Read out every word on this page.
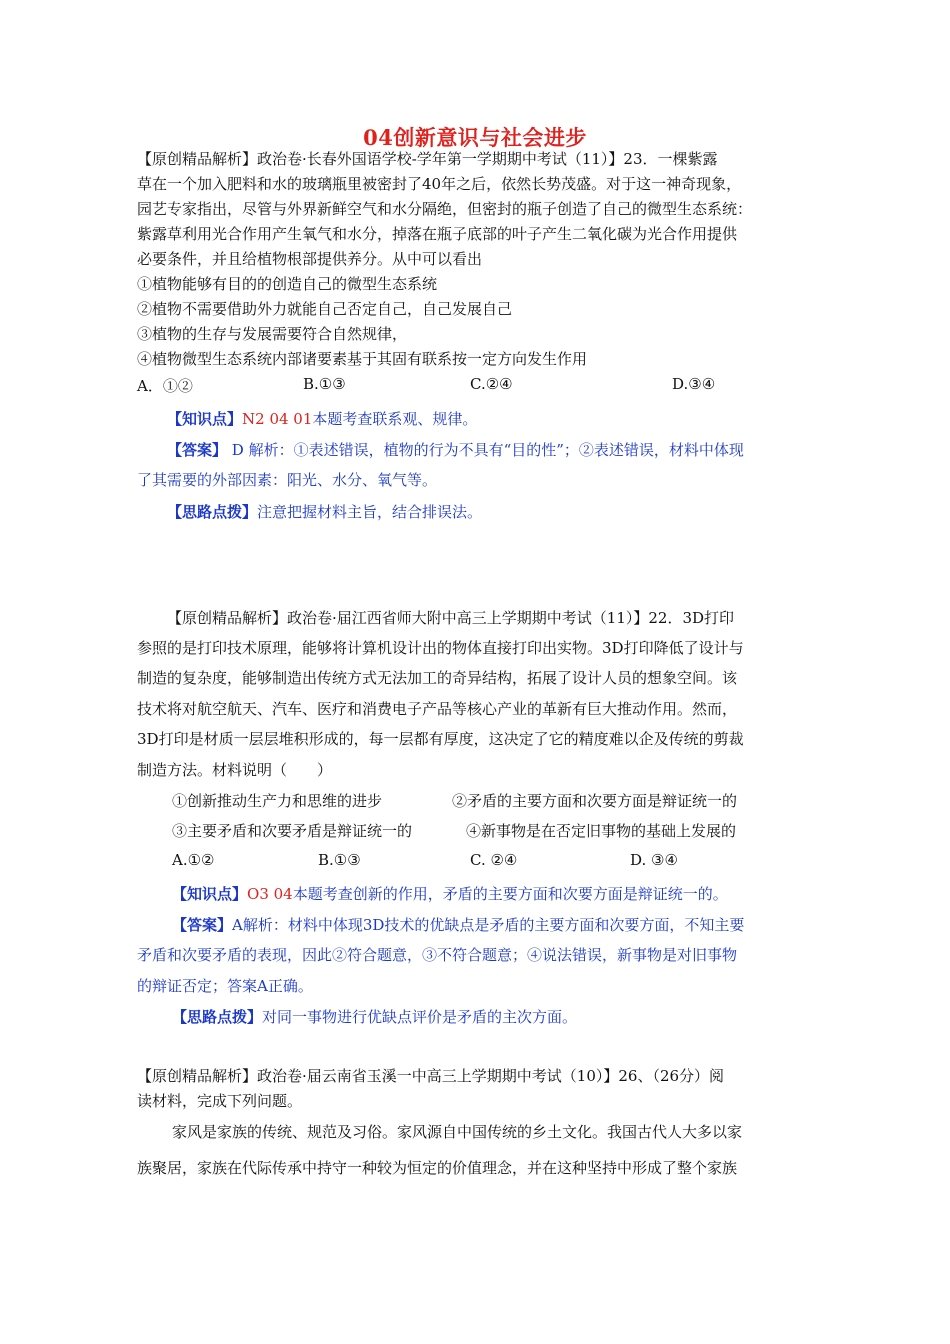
04创新意识与社会进步
【原创精品解析】政治卷·长春外国语学校-学年第一学期期中考试（11）】23．一棵紫露
草在一个加入肥料和水的玻璃瓶里被密封了40年之后，依然长势茂盛。对于这一神奇现象，
园艺专家指出，尽管与外界新鲜空气和水分隔绝，但密封的瓶子创造了自己的微型生态系统：
紫露草利用光合作用产生氧气和水分，掉落在瓶子底部的叶子产生二氧化碳为光合作用提供
必要条件，并且给植物根部提供养分。从中可以看出
①植物能够有目的的创造自己的微型生态系统
②植物不需要借助外力就能自己否定自己，自己发展自己
③植物的生存与发展需要符合自然规律，
④植物微型生态系统内部诸要素基于其固有联系按一定方向发生作用
A．①②	B.①③	C.②④	D.③④
【知识点】N2 04 01本题考查联系观、规律。
【答案】 D 解析：①表述错误，植物的行为不具有“目的性”；②表述错误，材料中体现
了其需要的外部因素：阳光、水分、氧气等。
【思路点拨】注意把握材料主旨，结合排误法。
【原创精品解析】政治卷·届江西省师大附中高三上学期期中考试（11）】22．3D打印
参照的是打印技术原理，能够将计算机设计出的物体直接打印出实物。3D打印降低了设计与
制造的复杂度，能够制造出传统方式无法加工的奇异结构，拓展了设计人员的想象空间。该
技术将对航空航天、汽车、医疗和消费电子产品等核心产业的革新有巨大推动作用。然而，
3D打印是材质一层层堆积形成的，每一层都有厚度，这决定了它的精度难以企及传统的剪裁
制造方法。材料说明（　　）
①创新推动生产力和思维的进步	②矛盾的主要方面和次要方面是辩证统一的
③主要矛盾和次要矛盾是辩证统一的	④新事物是在否定旧事物的基础上发展的
A.①②	B.①③	C. ②④	D. ③④
【知识点】O3 04本题考查创新的作用，矛盾的主要方面和次要方面是辩证统一的。
【答案】A解析：材料中体现3D技术的优缺点是矛盾的主要方面和次要方面，不知主要
矛盾和次要矛盾的表现，因此②符合题意，③不符合题意；④说法错误，新事物是对旧事物
的辩证否定；答案A正确。
【思路点拨】对同一事物进行优缺点评价是矛盾的主次方面。
【原创精品解析】政治卷·届云南省玉溪一中高三上学期期中考试（10）】26、（26分）阅
读材料，完成下列问题。
家风是家族的传统、规范及习俗。家风源自中国传统的乡土文化。我国古代人大多以家
族聚居，家族在代际传承中持守一种较为恒定的价值理念，并在这种坚持中形成了整个家族
